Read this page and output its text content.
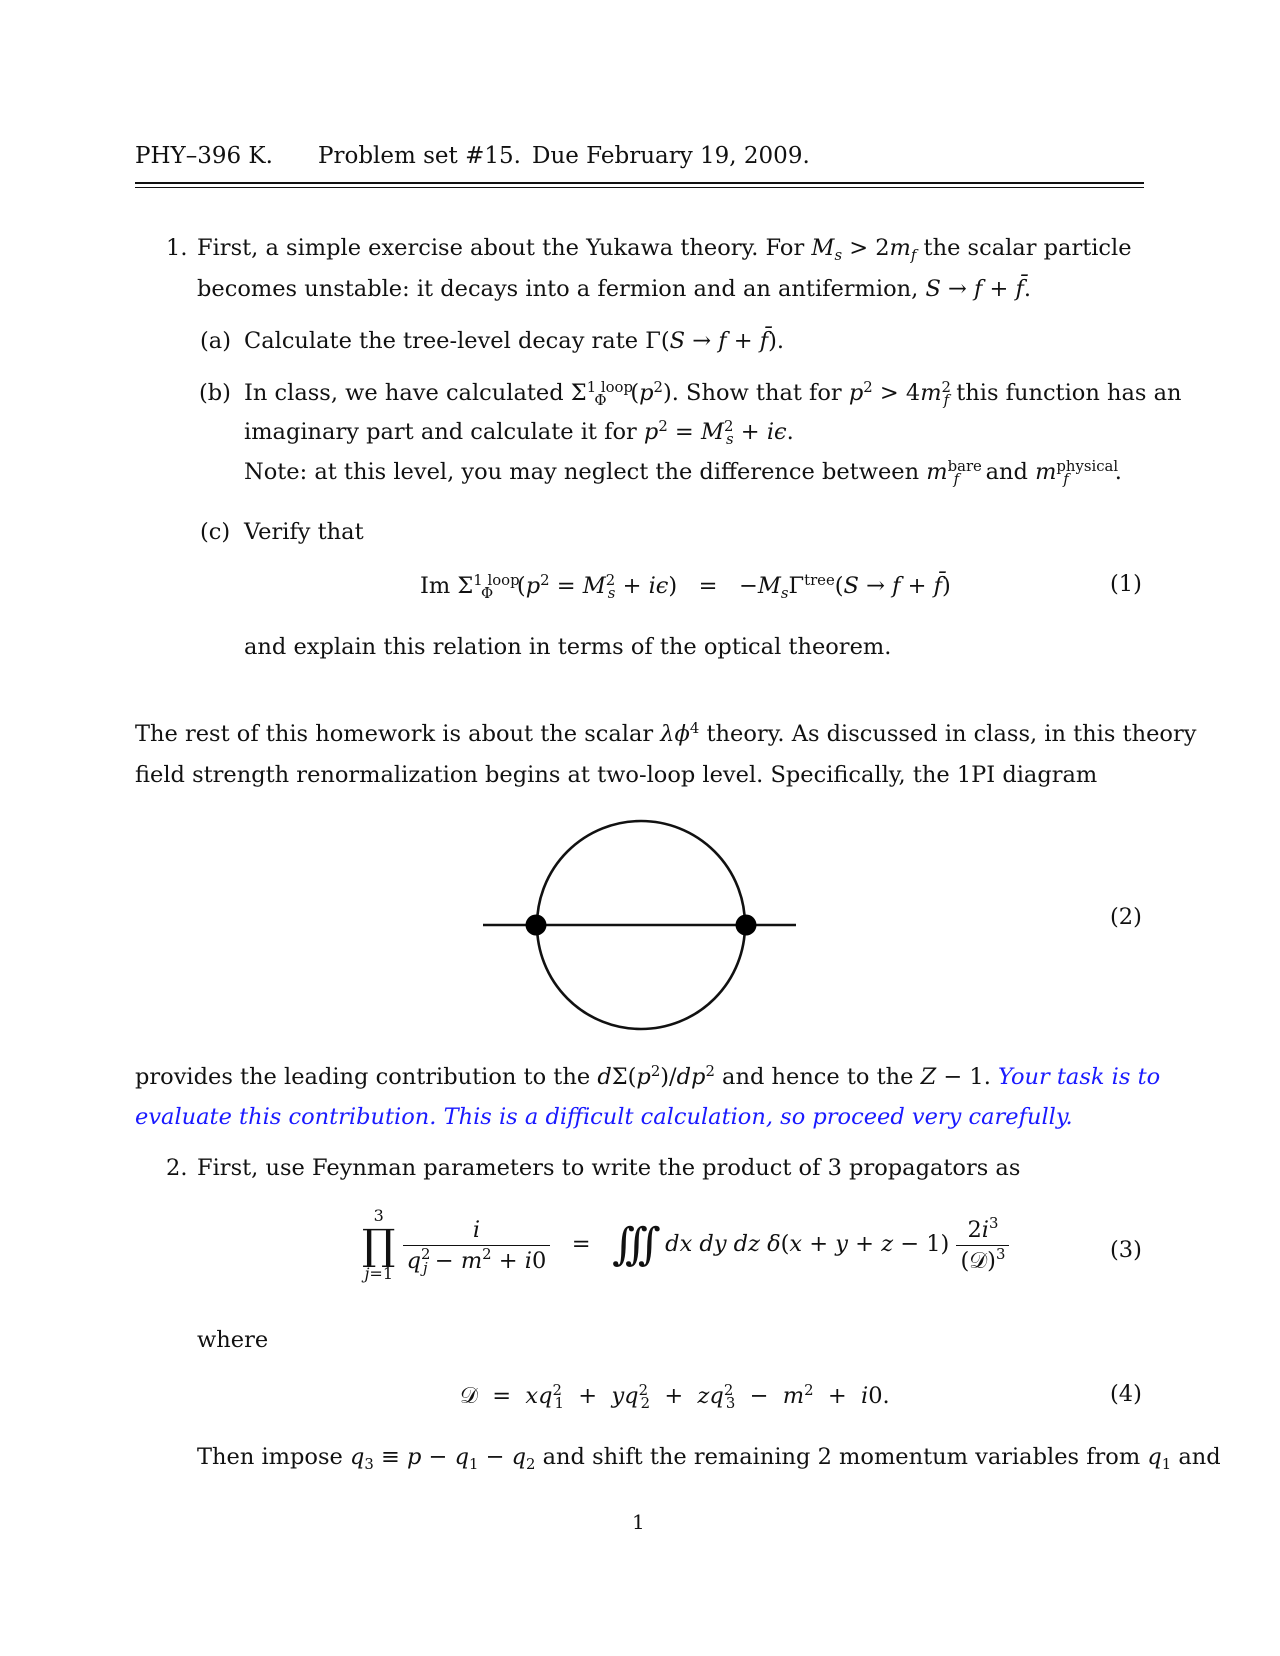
PHY–396 K. Problem set #15. Due February 19, 2009.
1. First, a simple exercise about the Yukawa theory. For $M_s > 2m_f$ the scalar particle
becomes unstable: it decays into a fermion and an antifermion, S → f + f̄.
(a) Calculate the tree-level decay rate Γ(S → f + f̄).
(b) In class, we have calculated $\Sigma^{1 loop}_\Phi$ $(p^2)$. Show that for $p^2 > 4m^2_f$ this function has an
imaginary part and calculate it for $p^2 = M^2_s + i\epsilon$.
Note: at this level, you may neglect the difference between $m^{bare}_f$ and $m^{physical}_f$ .
(c) Verify that
Im $\Sigma^{1 loop}_\Phi$ $(p^2 = M^2_s + i\epsilon) = -M_s\Gamma^{tree}(S \to f$ + f̄)	(1)
and explain this relation in terms of the optical theorem.
The rest of this homework is about the scalar $\lambda\phi^4$ theory. As discussed in class, in this theory
field strength renormalization begins at two-loop level. Specifically, the 1PI diagram
(2)
provides the leading contribution to the $d\Sigma(p^2)/dp^2$ and hence to the Z − 1. Your task is to
evaluate this contribution. This is a difficult calculation, so proceed very carefully.
2. First, use Feynman parameters to write the product of 3 propagators as
3
∏
j=1
$\frac{i}{q^2_j - m^2 + i0}$ =   ∫∫∫ dx dy dz $\delta(x + y + z - 1) \frac{2i^3}{(𝒟)^3}$	(3)
where
𝒟  =  $xq^2_1 + yq^2_2 + zq^2_3 - m^2 + i0$.	(4)
Then impose $q_3 \equiv p - q_1 - q_2$ and shift the remaining 2 momentum variables from $q_1$ and
1
